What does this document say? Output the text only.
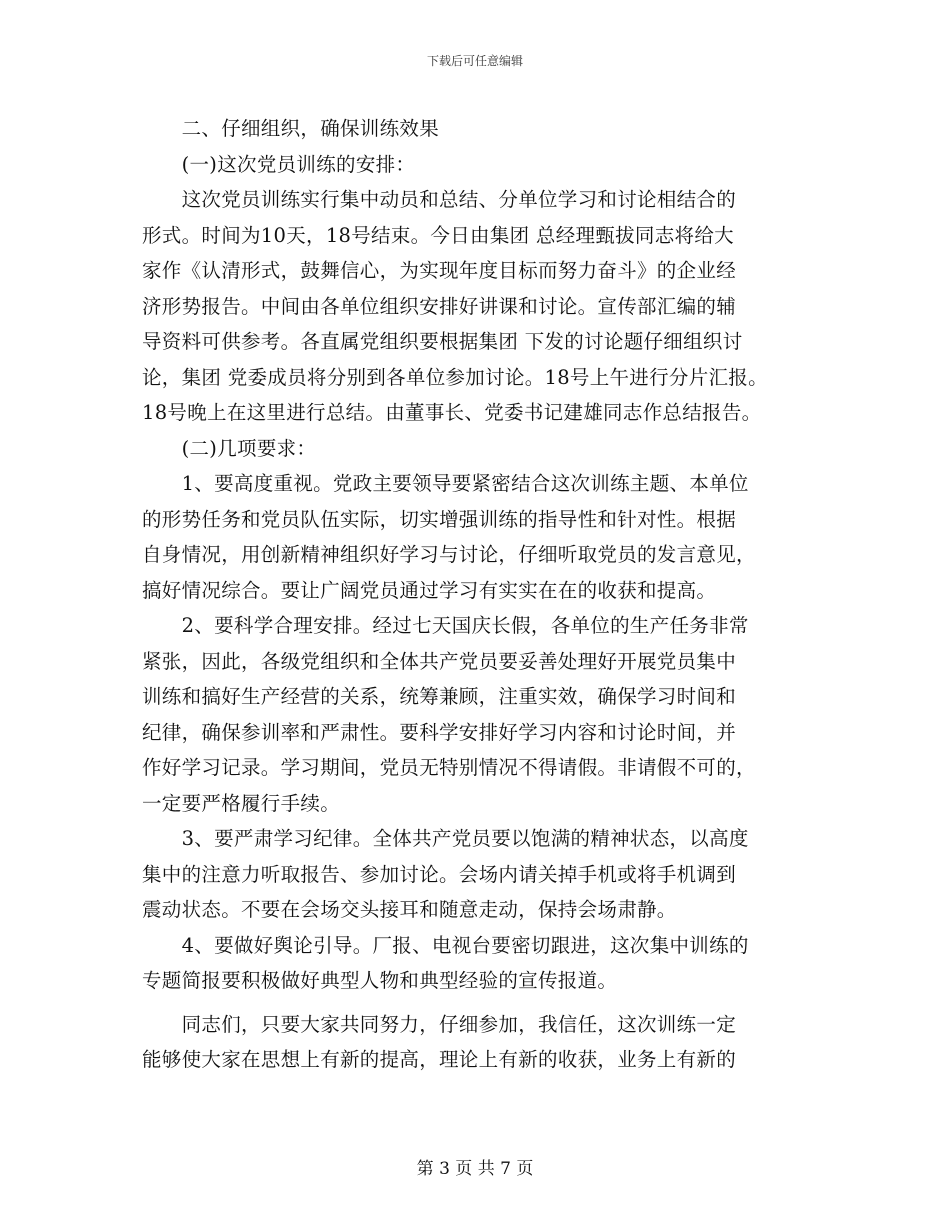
下载后可任意编辑
　　二、仔细组织，确保训练效果
　　(一)这次党员训练的安排：
　　这次党员训练实行集中动员和总结、分单位学习和讨论相结合的
形式。时间为10天，18号结束。今日由集团 总经理甄拔同志将给大
家作《认清形式，鼓舞信心，为实现年度目标而努力奋斗》的企业经
济形势报告。中间由各单位组织安排好讲课和讨论。宣传部汇编的辅
导资料可供参考。各直属党组织要根据集团 下发的讨论题仔细组织讨
论，集团 党委成员将分别到各单位参加讨论。18号上午进行分片汇报。
18号晚上在这里进行总结。由董事长、党委书记建雄同志作总结报告。
　　(二)几项要求：
　　1、要高度重视。党政主要领导要紧密结合这次训练主题、本单位
的形势任务和党员队伍实际，切实增强训练的指导性和针对性。根据
自身情况，用创新精神组织好学习与讨论，仔细听取党员的发言意见，
搞好情况综合。要让广阔党员通过学习有实实在在的收获和提高。
　　2、要科学合理安排。经过七天国庆长假，各单位的生产任务非常
紧张，因此，各级党组织和全体共产党员要妥善处理好开展党员集中
训练和搞好生产经营的关系，统筹兼顾，注重实效，确保学习时间和
纪律，确保参训率和严肃性。要科学安排好学习内容和讨论时间，并
作好学习记录。学习期间，党员无特别情况不得请假。非请假不可的，
一定要严格履行手续。
　　3、要严肃学习纪律。全体共产党员要以饱满的精神状态，以高度
集中的注意力听取报告、参加讨论。会场内请关掉手机或将手机调到
震动状态。不要在会场交头接耳和随意走动，保持会场肃静。
　　4、要做好舆论引导。厂报、电视台要密切跟进，这次集中训练的
专题简报要积极做好典型人物和典型经验的宣传报道。
　　同志们，只要大家共同努力，仔细参加，我信任，这次训练一定
能够使大家在思想上有新的提高，理论上有新的收获，业务上有新的
第 3 页 共 7 页
